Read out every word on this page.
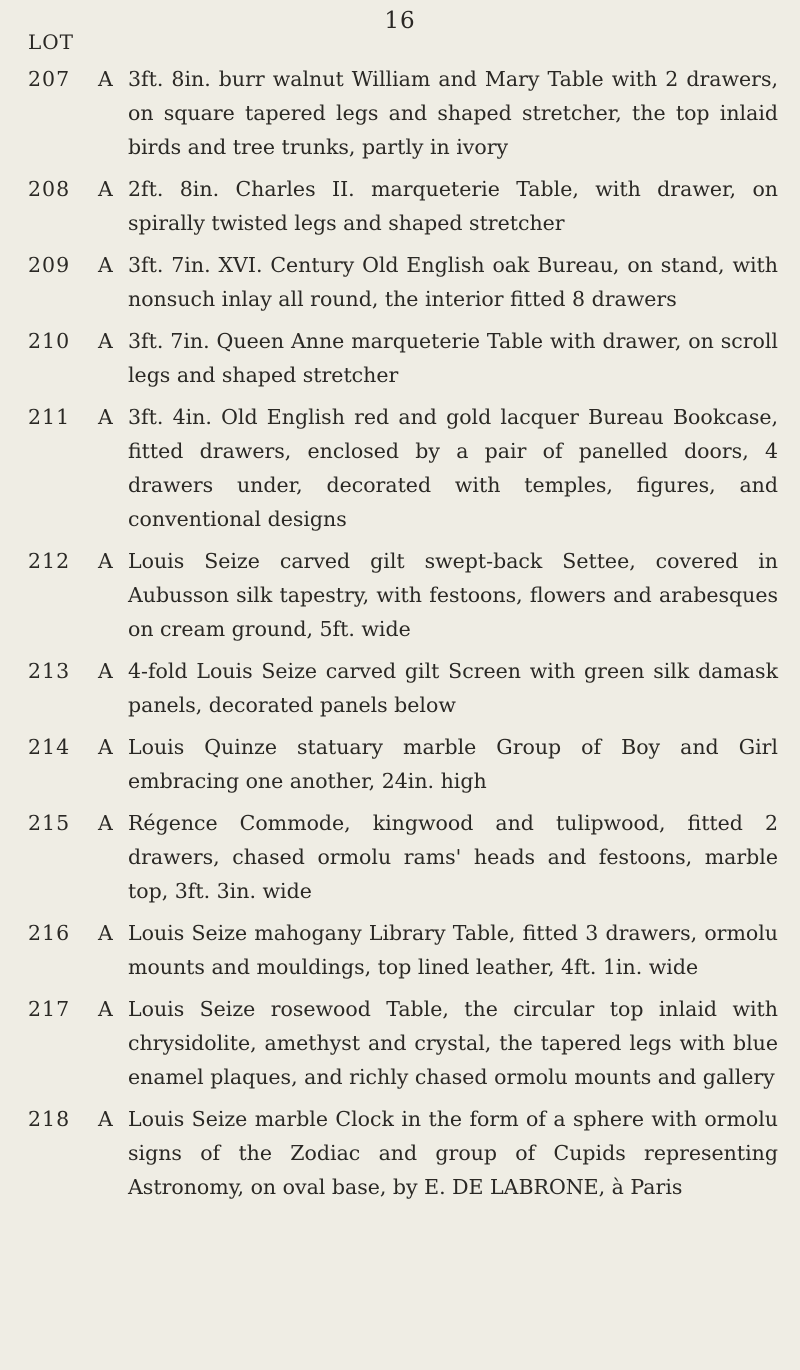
16
LOT
207	A 3ft. 8in. burr walnut William and Mary Table with 2 drawers, on square tapered legs and shaped stretcher, the top inlaid birds and tree trunks, partly in ivory
208	A 2ft. 8in. Charles II. marqueterie Table, with drawer, on spirally twisted legs and shaped stretcher
209	A 3ft. 7in. XVI. Century Old English oak Bureau, on stand, with nonsuch inlay all round, the interior fitted 8 drawers
210	A 3ft. 7in. Queen Anne marqueterie Table with drawer, on scroll legs and shaped stretcher
211	A 3ft. 4in. Old English red and gold lacquer Bureau Bookcase, fitted drawers, enclosed by a pair of panelled doors, 4 drawers under, decorated with temples, figures, and conventional designs
212	A Louis Seize carved gilt swept-back Settee, covered in Aubusson silk tapestry, with festoons, flowers and arabesques on cream ground, 5ft. wide
213	A 4-fold Louis Seize carved gilt Screen with green silk damask panels, decorated panels below
214	A Louis Quinze statuary marble Group of Boy and Girl embracing one another, 24in. high
215	A Régence Commode, kingwood and tulipwood, fitted 2 drawers, chased ormolu rams' heads and festoons, marble top, 3ft. 3in. wide
216	A Louis Seize mahogany Library Table, fitted 3 drawers, ormolu mounts and mouldings, top lined leather, 4ft. 1in. wide
217	A Louis Seize rosewood Table, the circular top inlaid with chrysidolite, amethyst and crystal, the tapered legs with blue enamel plaques, and richly chased ormolu mounts and gallery
218	A Louis Seize marble Clock in the form of a sphere with ormolu signs of the Zodiac and group of Cupids representing Astronomy, on oval base, by E. DE LABRONE, à Paris
